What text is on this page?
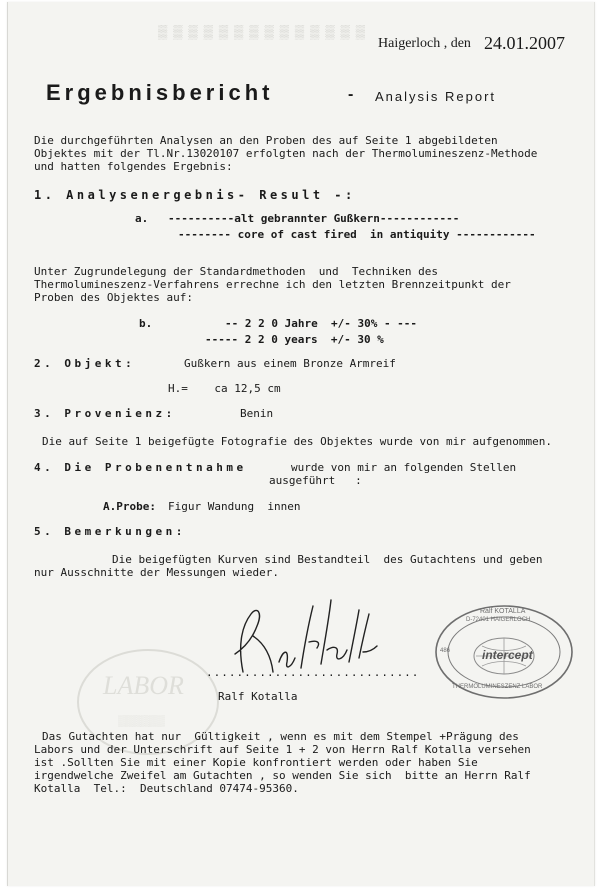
▒▒▒▒▒▒▒▒▒▒▒▒▒▒
Haigerloch , den 24.01.2007
Ergebnisbericht	- Analysis Report
Die durchgeführten Analysen an den Proben des auf Seite 1 abgebildeten
Objektes mit der Tl.Nr.13020107 erfolgten nach der Thermolumineszenz-Methode
und hatten folgendes Ergebnis:
1. Analysenergebnis- Result -:
a. ----------alt gebrannter Gußkern------------
-------- core of cast fired  in antiquity ------------
Unter Zugrundelegung der Standardmethoden  und  Techniken des
Thermolumineszenz-Verfahrens errechne ich den letzten Brennzeitpunkt der
Proben des Objektes auf:
b.	-- 2 2 0 Jahre  +/- 30% - ---
----- 2 2 0 years  +/- 30 %
2. Objekt:	Gußkern aus einem Bronze Armreif
H.=    ca 12,5 cm
3. Provenienz:	Benin
Die auf Seite 1 beigefügte Fotografie des Objektes wurde von mir aufgenommen.
4. Die Probenentnahme	wurde von mir an folgenden Stellen
ausgeführt   :
A.Probe: Figur Wandung  innen
5. Bemerkungen:
Die beigefügten Kurven sind Bestandteil  des Gutachtens und geben
nur Ausschnitte der Messungen wieder.
LABOR
▒▒▒▒▒▒
............................
Ralf Kotalla

Ralf KOTALLA

D-72401 HAIGERLOCH

intercept

486

THERMOLUMINESZENZ LABOR

Das Gutachten hat nur  Gültigkeit , wenn es mit dem Stempel +Prägung des
Labors und der Unterschrift auf Seite 1 + 2 von Herrn Ralf Kotalla versehen
ist .Sollten Sie mit einer Kopie konfrontiert werden oder haben Sie
irgendwelche Zweifel am Gutachten , so wenden Sie sich  bitte an Herrn Ralf
Kotalla  Tel.:  Deutschland 07474-95360.
